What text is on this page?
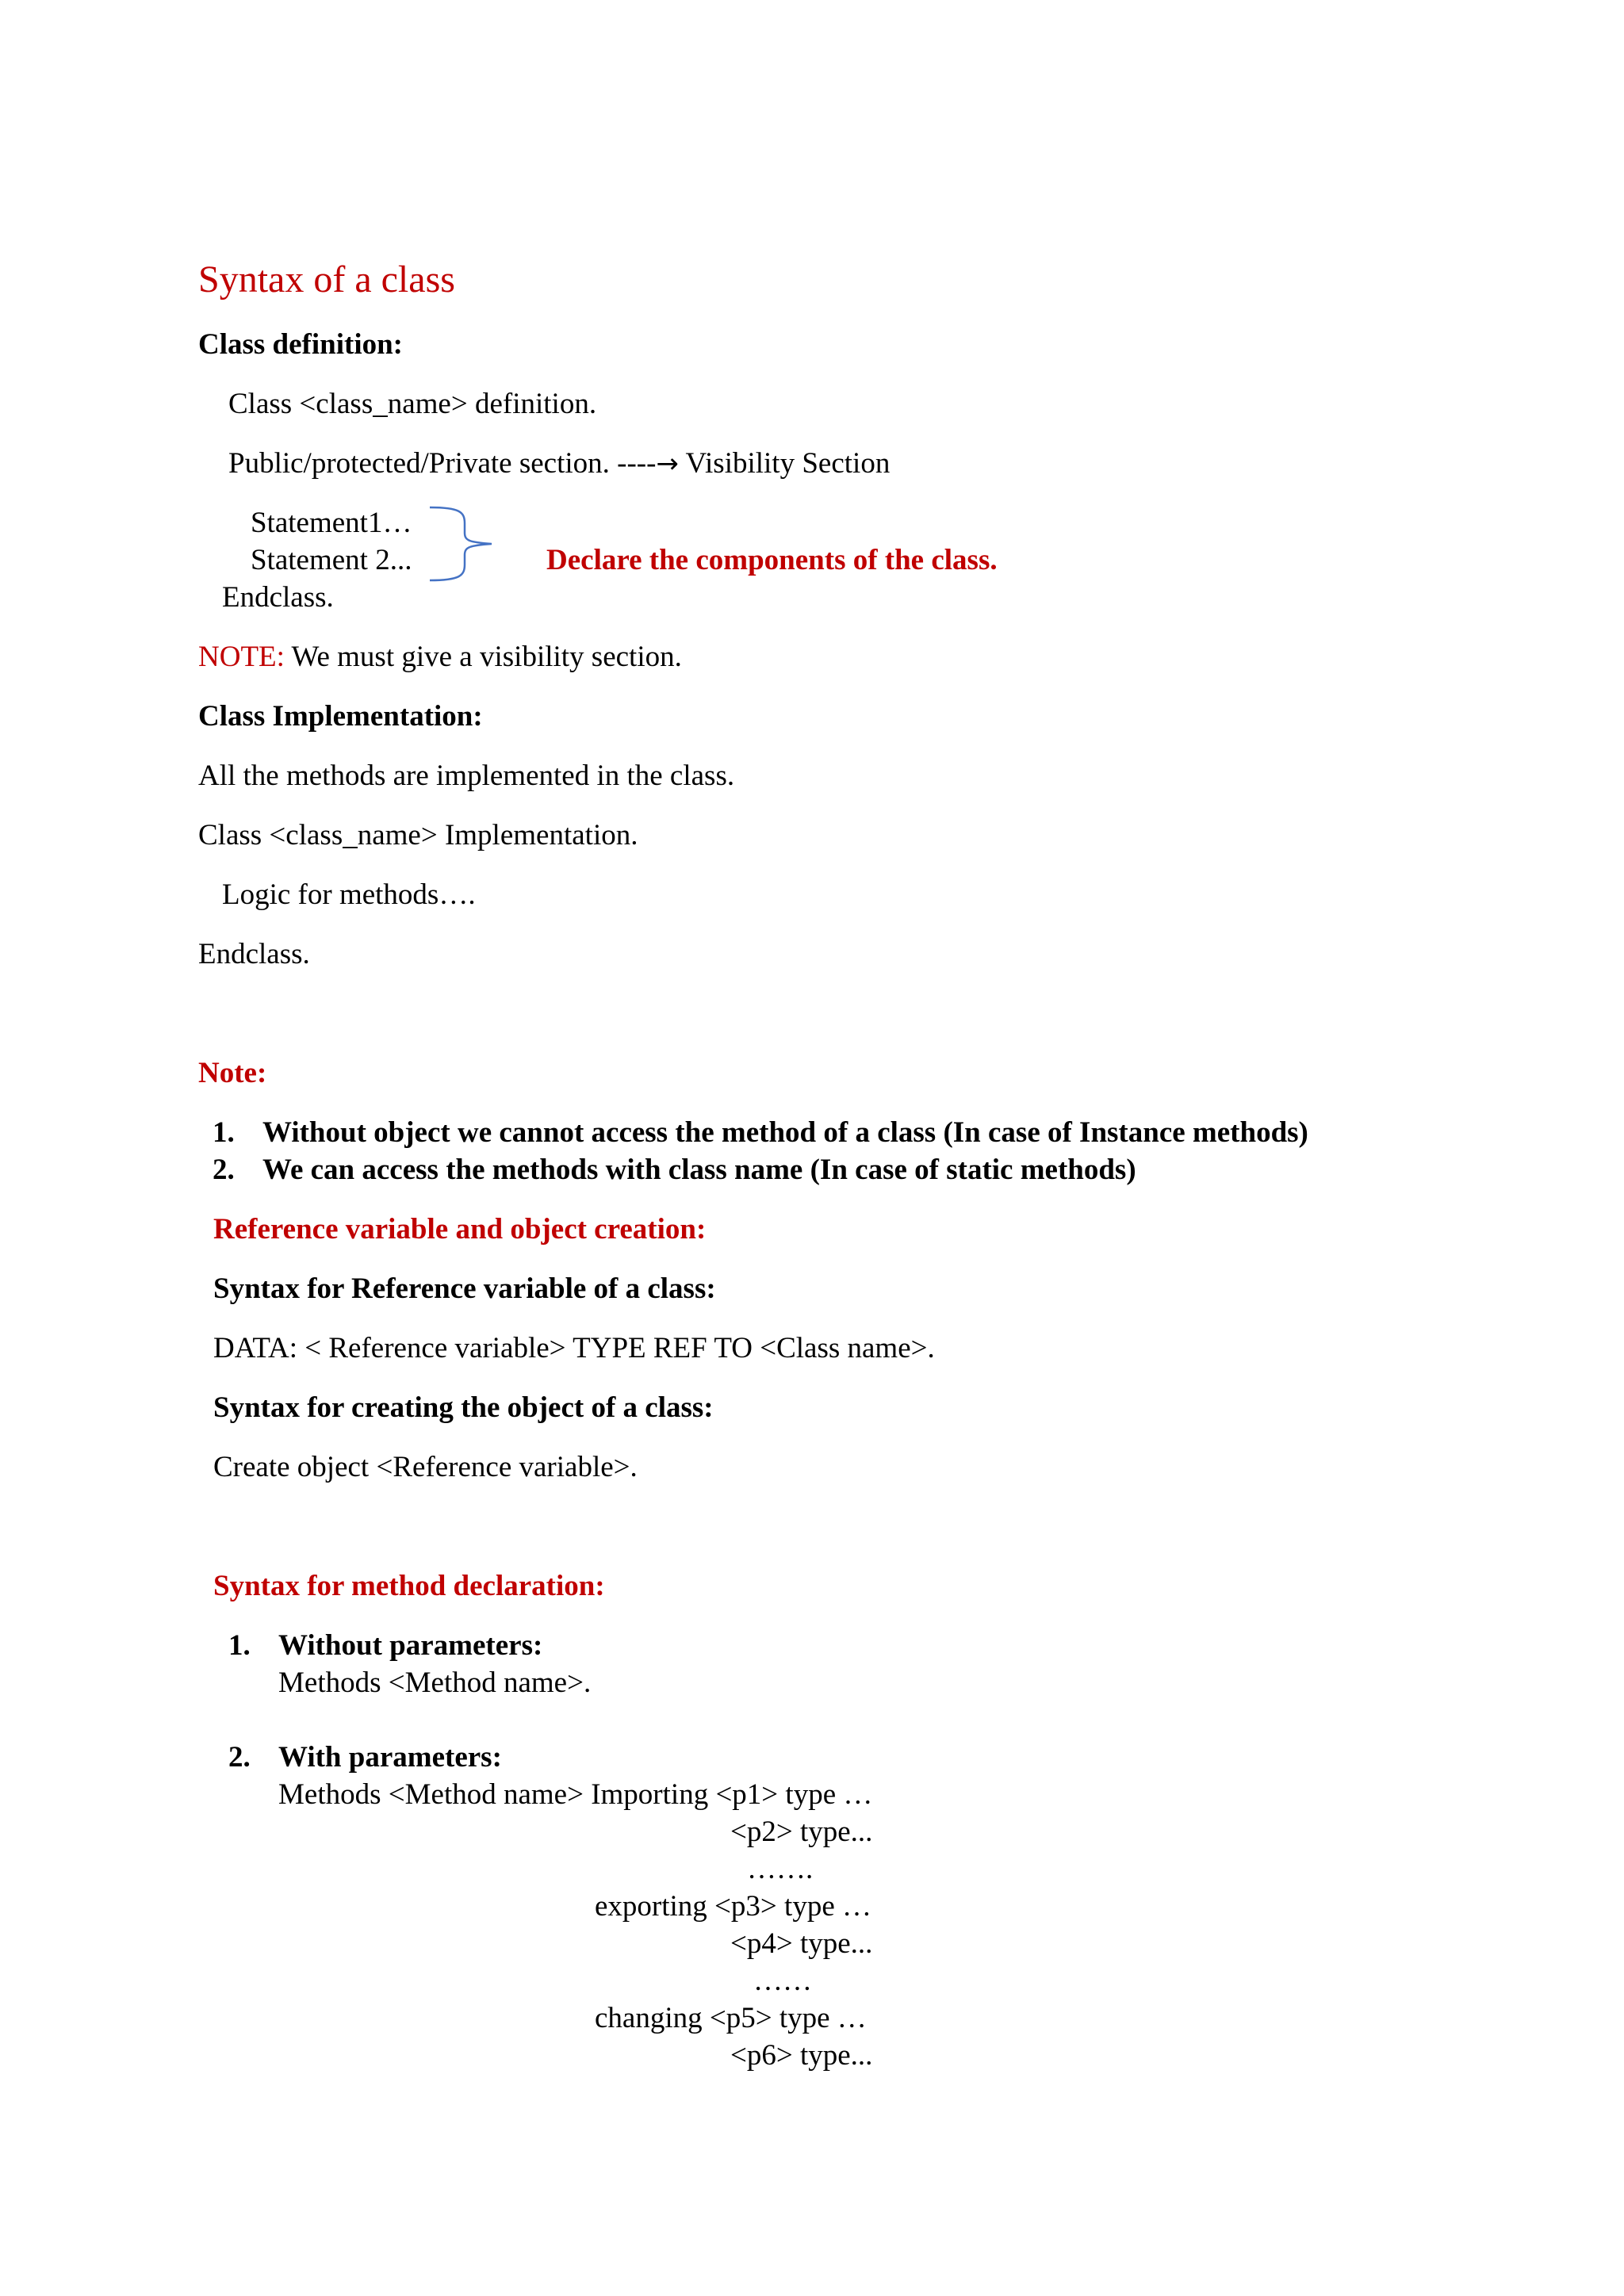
Syntax of a class
Class definition:
Class <class_name> definition.
Public/protected/Private section. ----→ Visibility Section
Statement1…
Statement 2...	Declare the components of the class.
Endclass.
NOTE: We must give a visibility section.
Class Implementation:
All the methods are implemented in the class.
Class <class_name> Implementation.
Logic for methods….
Endclass.
Note:
1. Without object we cannot access the method of a class (In case of Instance methods)
2. We can access the methods with class name (In case of static methods)
Reference variable and object creation:
Syntax for Reference variable of a class:
DATA: < Reference variable> TYPE REF TO <Class name>.
Syntax for creating the object of a class:
Create object <Reference variable>.
Syntax for method declaration:
1. Without parameters:
Methods <Method name>.
2. With parameters:
Methods <Method name> Importing <p1> type …
<p2> type...
…….
exporting <p3> type …
<p4> type...
……
changing <p5> type …
<p6> type...
